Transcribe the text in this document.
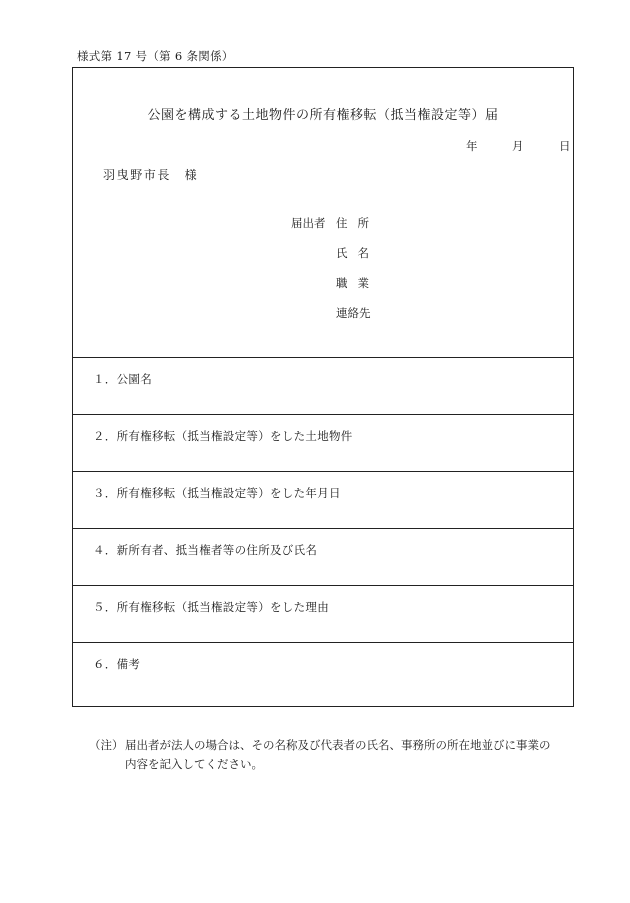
様式第 17 号（第 6 条関係）
公園を構成する土地物件の所有権移転（抵当権設定等）届
年	月	日
羽曳野市長　様
届出者 住所
氏名
職業
連絡先
１．公園名
２．所有権移転（抵当権設定等）をした土地物件
３．所有権移転（抵当権設定等）をした年月日
４．新所有者、抵当権者等の住所及び氏名
５．所有権移転（抵当権設定等）をした理由
６．備考
（注） 届出者が法人の場合は、その名称及び代表者の氏名、事務所の所在地並びに事業の
内容を記入してください。
